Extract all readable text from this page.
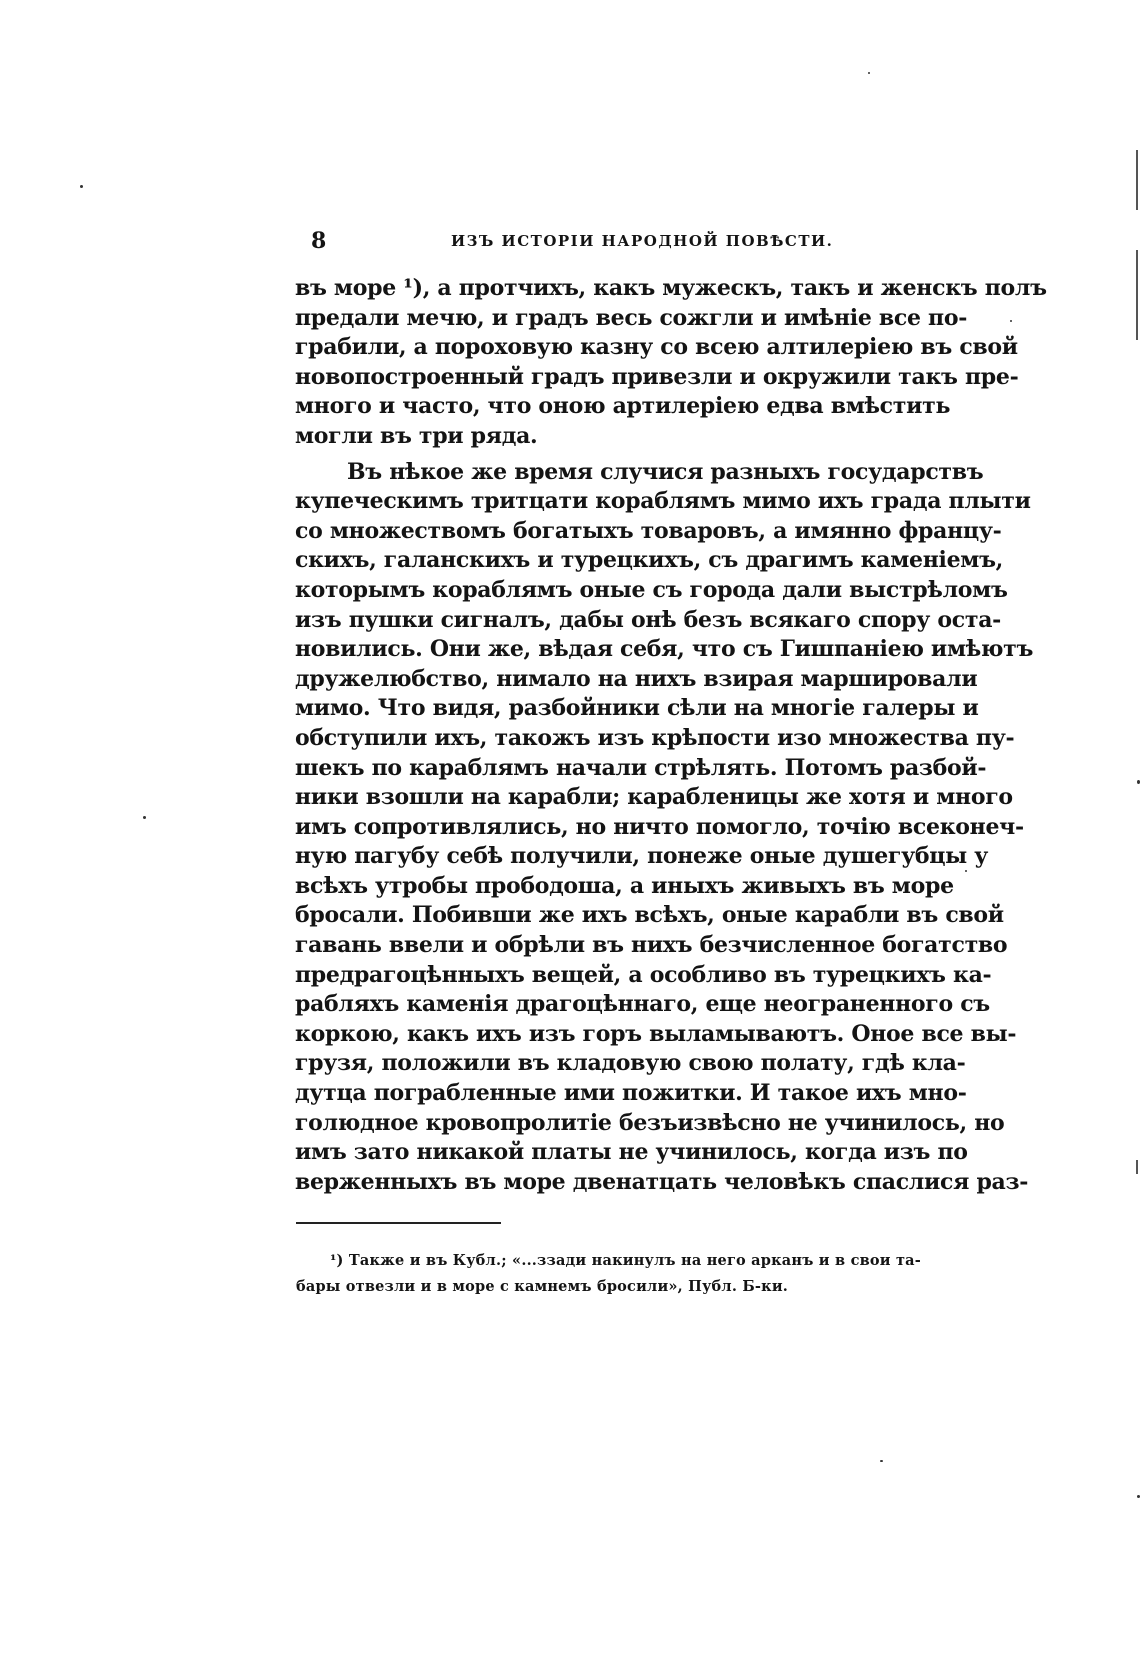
8	ИЗЪ ИСТОРІИ НАРОДНОЙ ПОВѢСТИ.
въ море ¹), а протчихъ, какъ мужескъ, такъ и женскъ полъ
предали мечю, и градъ весь сожгли и имѣніе все по-
грабили, а пороховую казну со всею алтилеріею въ свой
новопостроенный градъ привезли и окружили такъ пре-
много и часто, что оною артилеріею едва вмѣстить
могли въ три ряда.
Въ нѣкое же время случися разныхъ государствъ
купеческимъ тритцати кораблямъ мимо ихъ града плыти
со множествомъ богатыхъ товаровъ, а имянно францу-
скихъ, галанскихъ и турецкихъ, съ драгимъ каменіемъ,
которымъ кораблямъ оные съ города дали выстрѣломъ
изъ пушки сигналъ, дабы онѣ безъ всякаго спору оста-
новились. Они же, вѣдая себя, что съ Гишпаніею имѣютъ
дружелюбство, нимало на нихъ взирая маршировали
мимо. Что видя, разбойники сѣли на многіе галеры и
обступили ихъ, такожъ изъ крѣпости изо множества пу-
шекъ по караблямъ начали стрѣлять. Потомъ разбой-
ники взошли на карабли; карабленицы же хотя и много
имъ сопротивлялись, но ничто помогло, точію всеконеч-
ную пагубу себѣ получили, понеже оные душегубцы у
всѣхъ утробы прободоша, а иныхъ живыхъ въ море
бросали. Побивши же ихъ всѣхъ, оные карабли въ свой
гавань ввели и обрѣли въ нихъ безчисленное богатство
предрагоцѣнныхъ вещей, а особливо въ турецкихъ ка-
рабляхъ каменія драгоцѣннаго, еще неограненного съ
коркою, какъ ихъ изъ горъ выламываютъ. Оное все вы-
грузя, положили въ кладовую свою полату, гдѣ кла-
дутца пограбленные ими пожитки. И такое ихъ мно-
голюдное кровопролитіе безъизвѣсно не учинилось, но
имъ зато никакой платы не учинилось, когда изъ по
верженныхъ въ море двенатцать человѣкъ спаслися раз-
¹) Также и въ Кубл.; «...ззади накинулъ на него арканъ и в свои та-
бары отвезли и в море с камнемъ бросили», Публ. Б-ки.
